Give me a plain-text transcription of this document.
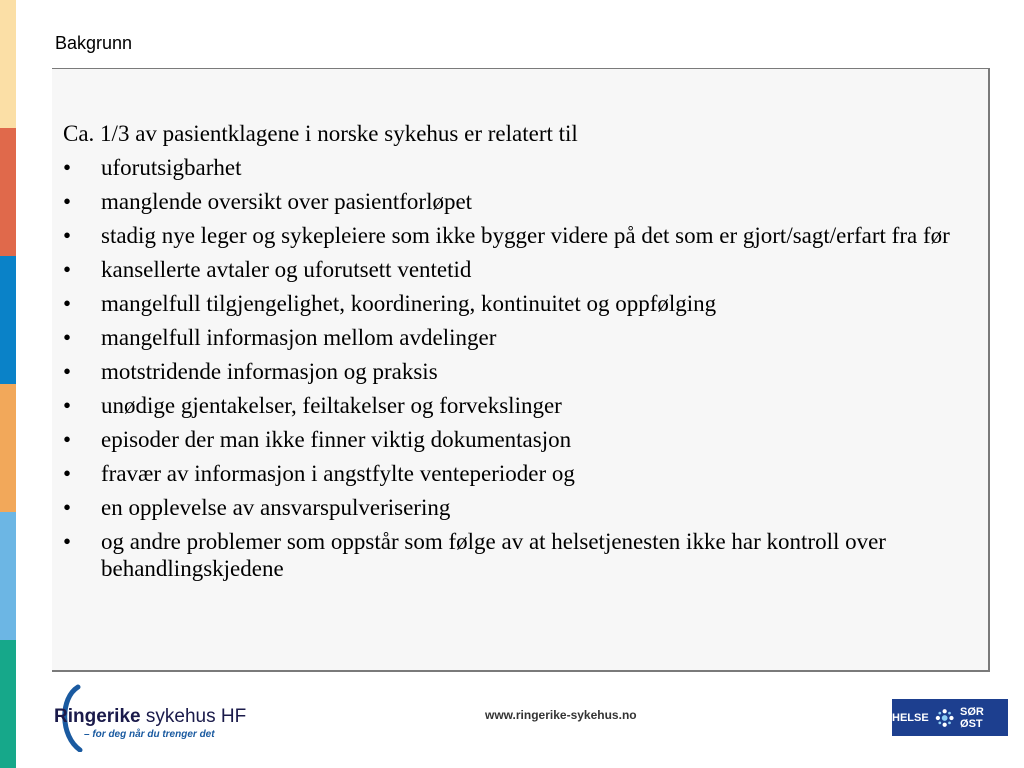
Bakgrunn

Ca. 1/3 av pasientklagene i norske sykehus er relatert til

• uforutsigbarhet
• manglende oversikt over pasientforløpet
• stadig nye leger og sykepleiere som ikke bygger videre på det som er gjort/sagt/erfart fra før
• kansellerte avtaler og uforutsett ventetid
• mangelfull tilgjengelighet, koordinering, kontinuitet og oppfølging
• mangelfull informasjon mellom avdelinger
• motstridende informasjon og praksis
• unødige gjentakelser, feiltakelser og forvekslinger
• episoder der man ikke finner viktig dokumentasjon
• fravær av informasjon i angstfylte venteperioder og
• en opplevelse av ansvarspulverisering
• og andre problemer som oppstår som følge av at helsetjenesten ikke har kontroll over behandlingskjedene
Ringerike sykehus HF
– for deg når du trenger det
www.ringerike-sykehus.no	HELSE	SØR ØST
